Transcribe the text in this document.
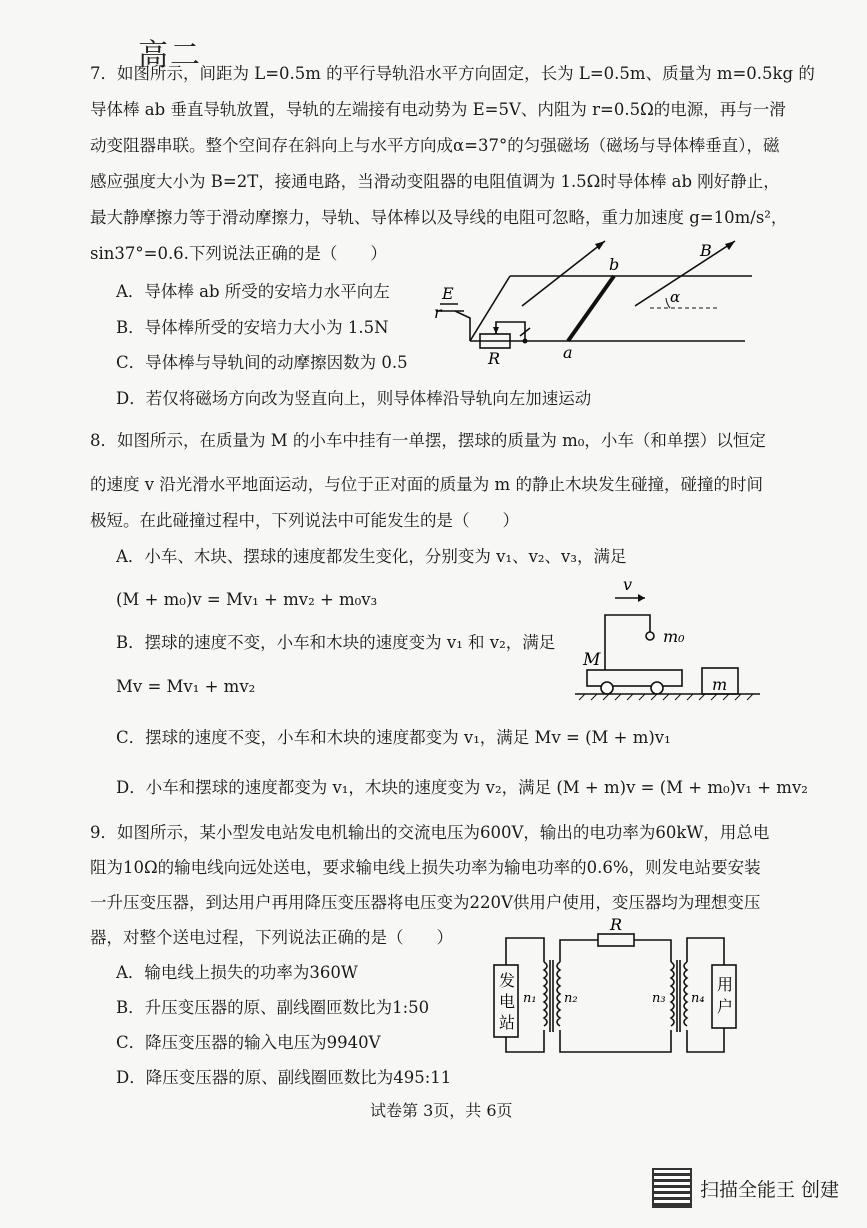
高二
7．如图所示，间距为 L=0.5m 的平行导轨沿水平方向固定，长为 L=0.5m、质量为 m=0.5kg 的
导体棒 ab 垂直导轨放置，导轨的左端接有电动势为 E=5V、内阻为 r=0.5Ω的电源，再与一滑
动变阻器串联。整个空间存在斜向上与水平方向成α=37°的匀强磁场（磁场与导体棒垂直），磁
感应强度大小为 B=2T，接通电路，当滑动变阻器的电阻值调为 1.5Ω时导体棒 ab 刚好静止，
最大静摩擦力等于滑动摩擦力，导轨、导体棒以及导线的电阻可忽略，重力加速度 g=10m/s²，
sin37°=0.6.下列说法正确的是（　　）
A．导体棒 ab 所受的安培力水平向左
B．导体棒所受的安培力大小为 1.5N
C．导体棒与导轨间的动摩擦因数为 0.5
D．若仅将磁场方向改为竖直向上，则导体棒沿导轨向左加速运动
E
r
R	a
b
B
α
8．如图所示，在质量为 M 的小车中挂有一单摆，摆球的质量为 m₀，小车（和单摆）以恒定
的速度 v 沿光滑水平地面运动，与位于正对面的质量为 m 的静止木块发生碰撞，碰撞的时间
极短。在此碰撞过程中，下列说法中可能发生的是（　　）
A．小车、木块、摆球的速度都发生变化，分别变为 v₁、v₂、v₃，满足
(M + m₀)v = Mv₁ + mv₂ + m₀v₃
B．摆球的速度不变，小车和木块的速度变为 v₁ 和 v₂，满足
Mv = Mv₁ + mv₂
C．摆球的速度不变，小车和木块的速度都变为 v₁，满足 Mv = (M + m)v₁
D．小车和摆球的速度都变为 v₁，木块的速度变为 v₂，满足 (M + m)v = (M + m₀)v₁ + mv₂
v
m₀
M
m
9．如图所示，某小型发电站发电机输出的交流电压为600V，输出的电功率为60kW，用总电
阻为10Ω的输电线向远处送电，要求输电线上损失功率为输电功率的0.6%，则发电站要安装
一升压变压器，到达用户再用降压变压器将电压变为220V供用户使用，变压器均为理想变压
器，对整个送电过程，下列说法正确的是（　　）
A．输电线上损失的功率为360W
B．升压变压器的原、副线圈匝数比为1:50
C．降压变压器的输入电压为9940V
D．降压变压器的原、副线圈匝数比为495:11
发
电
站
用
户
R
n₁ n₂	n₃ n₄
试卷第 3页，共 6页
扫描全能王 创建
